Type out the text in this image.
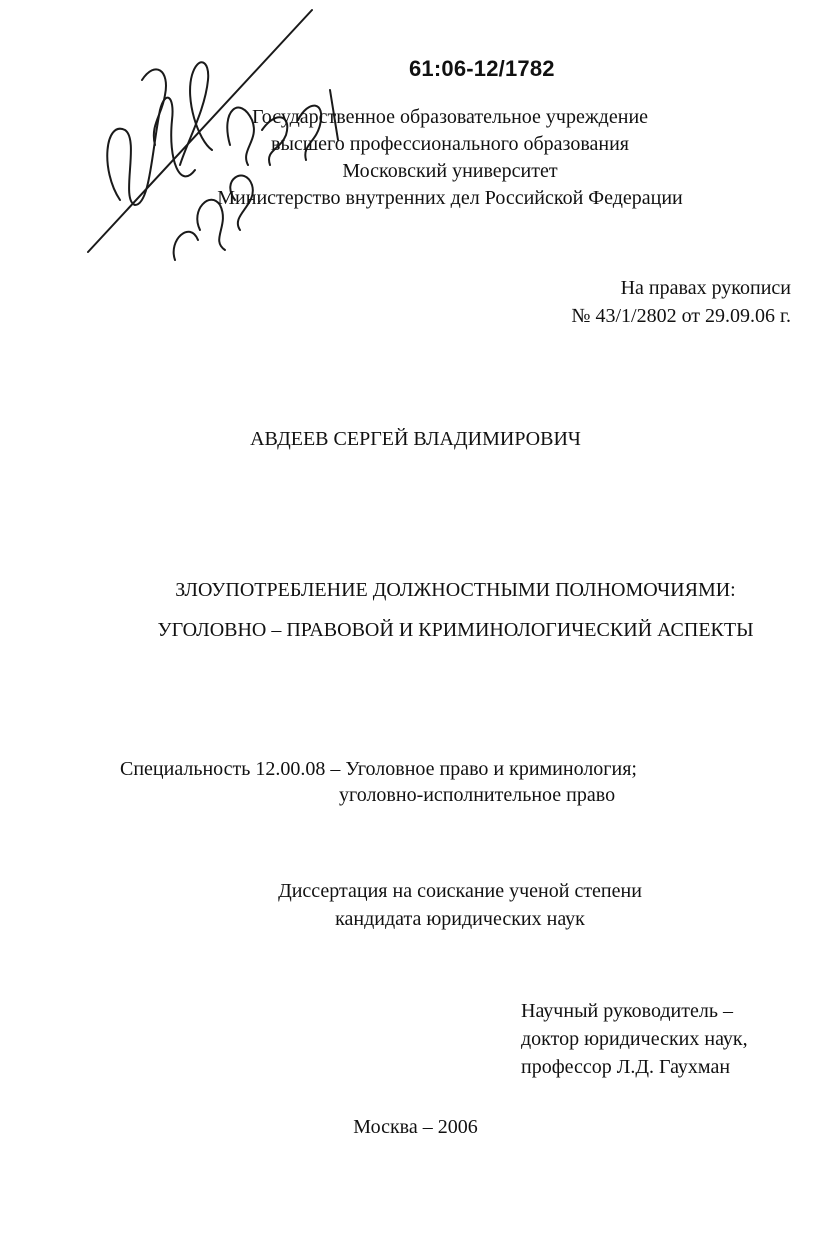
61:06-12/1782
Государственное образовательное учреждение
высшего профессионального образования
Московский университет
Министерство внутренних дел Российской Федерации
На правах рукописи
№ 43/1/2802 от 29.09.06 г.
АВДЕЕВ СЕРГЕЙ ВЛАДИМИРОВИЧ
ЗЛОУПОТРЕБЛЕНИЕ ДОЛЖНОСТНЫМИ ПОЛНОМОЧИЯМИ:
УГОЛОВНО – ПРАВОВОЙ И КРИМИНОЛОГИЧЕСКИЙ АСПЕКТЫ
Специальность 12.00.08 – Уголовное право и криминология;
уголовно-исполнительное право
Диссертация на соискание ученой степени
кандидата юридических наук
Научный руководитель –
доктор юридических наук,
профессор Л.Д. Гаухман
Москва – 2006
